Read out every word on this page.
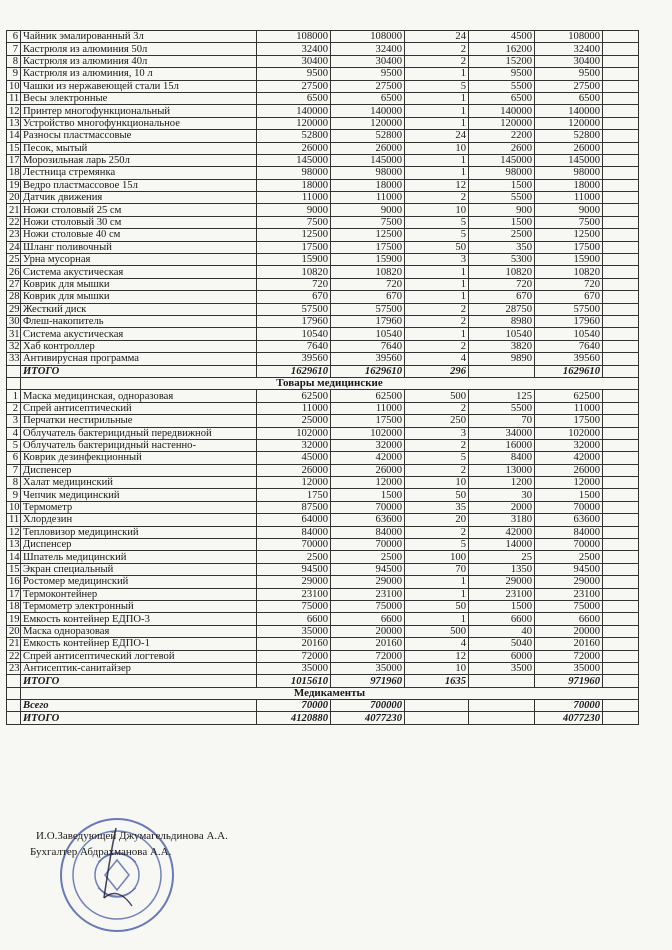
6	Чайник эмалированный 3л	108000	108000	24	4500	108000	
7	Кастрюля из алюминия 50л	32400	32400	2	16200	32400	
8	Кастрюля из алюминия 40л	30400	30400	2	15200	30400	
9	Кастрюля из алюминия, 10 л	9500	9500	1	9500	9500	
10	Чашки из нержавеющей стали 15л	27500	27500	5	5500	27500	
11	Весы электронные	6500	6500	1	6500	6500	
12	Принтер многофункциональный	140000	140000	1	140000	140000	
13	Устройство многофункциональное	120000	120000	1	120000	120000	
14	Разносы пластмассовые	52800	52800	24	2200	52800	
15	Песок, мытый	26000	26000	10	2600	26000	
17	Морозильная ларь 250л	145000	145000	1	145000	145000	
18	Лестница стремянка	98000	98000	1	98000	98000	
19	Ведро пластмассовое 15л	18000	18000	12	1500	18000	
20	Датчик движения	11000	11000	2	5500	11000	
21	Ножи столовый 25 см	9000	9000	10	900	9000	
22	Ножи столовый 30 см	7500	7500	5	1500	7500	
23	Ножи столовые 40 см	12500	12500	5	2500	12500	
24	Шланг поливочный	17500	17500	50	350	17500	
25	Урна мусорная	15900	15900	3	5300	15900	
26	Система акустическая	10820	10820	1	10820	10820	
27	Коврик для мышки	720	720	1	720	720	
28	Коврик для мышки	670	670	1	670	670	
29	Жесткий диск	57500	57500	2	28750	57500	
30	Флеш-накопитель	17960	17960	2	8980	17960	
31	Система акустическая	10540	10540	1	10540	10540	
32	Хаб контроллер	7640	7640	2	3820	7640	
33	Антивирусная программа	39560	39560	4	9890	39560	
	ИТОГО	1629610	1629610	296		1629610	
	Товары медицинские						
1	Маска медицинская, одноразовая	62500	62500	500	125	62500	
2	Спрей антисептический	11000	11000	2	5500	11000	
3	Перчатки нестирильные	25000	17500	250	70	17500	
4	Облучатель бактерицидный передвижной	102000	102000	3	34000	102000	
5	Облучатель бактерицидный настенно-	32000	32000	2	16000	32000	
6	Коврик дезинфекционный	45000	42000	5	8400	42000	
7	Диспенсер	26000	26000	2	13000	26000	
8	Халат медицинский	12000	12000	10	1200	12000	
9	Чепчик медицинский	1750	1500	50	30	1500	
10	Термометр	87500	70000	35	2000	70000	
11	Хлордезин	64000	63600	20	3180	63600	
12	Тепловизор медицинский	84000	84000	2	42000	84000	
13	Диспенсер	70000	70000	5	14000	70000	
14	Шпатель медицинский	2500	2500	100	25	2500	
15	Экран специальный	94500	94500	70	1350	94500	
16	Ростомер медицинский	29000	29000	1	29000	29000	
17	Термоконтейнер	23100	23100	1	23100	23100	
18	Термометр электронный	75000	75000	50	1500	75000	
19	Емкость контейнер ЕДПО-3	6600	6600	1	6600	6600	
20	Маска одноразовая	35000	20000	500	40	20000	
21	Емкость контейнер ЕДПО-1	20160	20160	4	5040	20160	
22	Спрей антисептический логтевой	72000	72000	12	6000	72000	
23	Антисептик-санитайзер	35000	35000	10	3500	35000	
	ИТОГО	1015610	971960	1635		971960	
	Медикаменты						
	Всего	70000	700000			70000	
	ИТОГО	4120880	4077230			4077230	
И.О.Заведующей Джумагельдинова А.А.
Бухгалтер Абдрахманова А.А.
